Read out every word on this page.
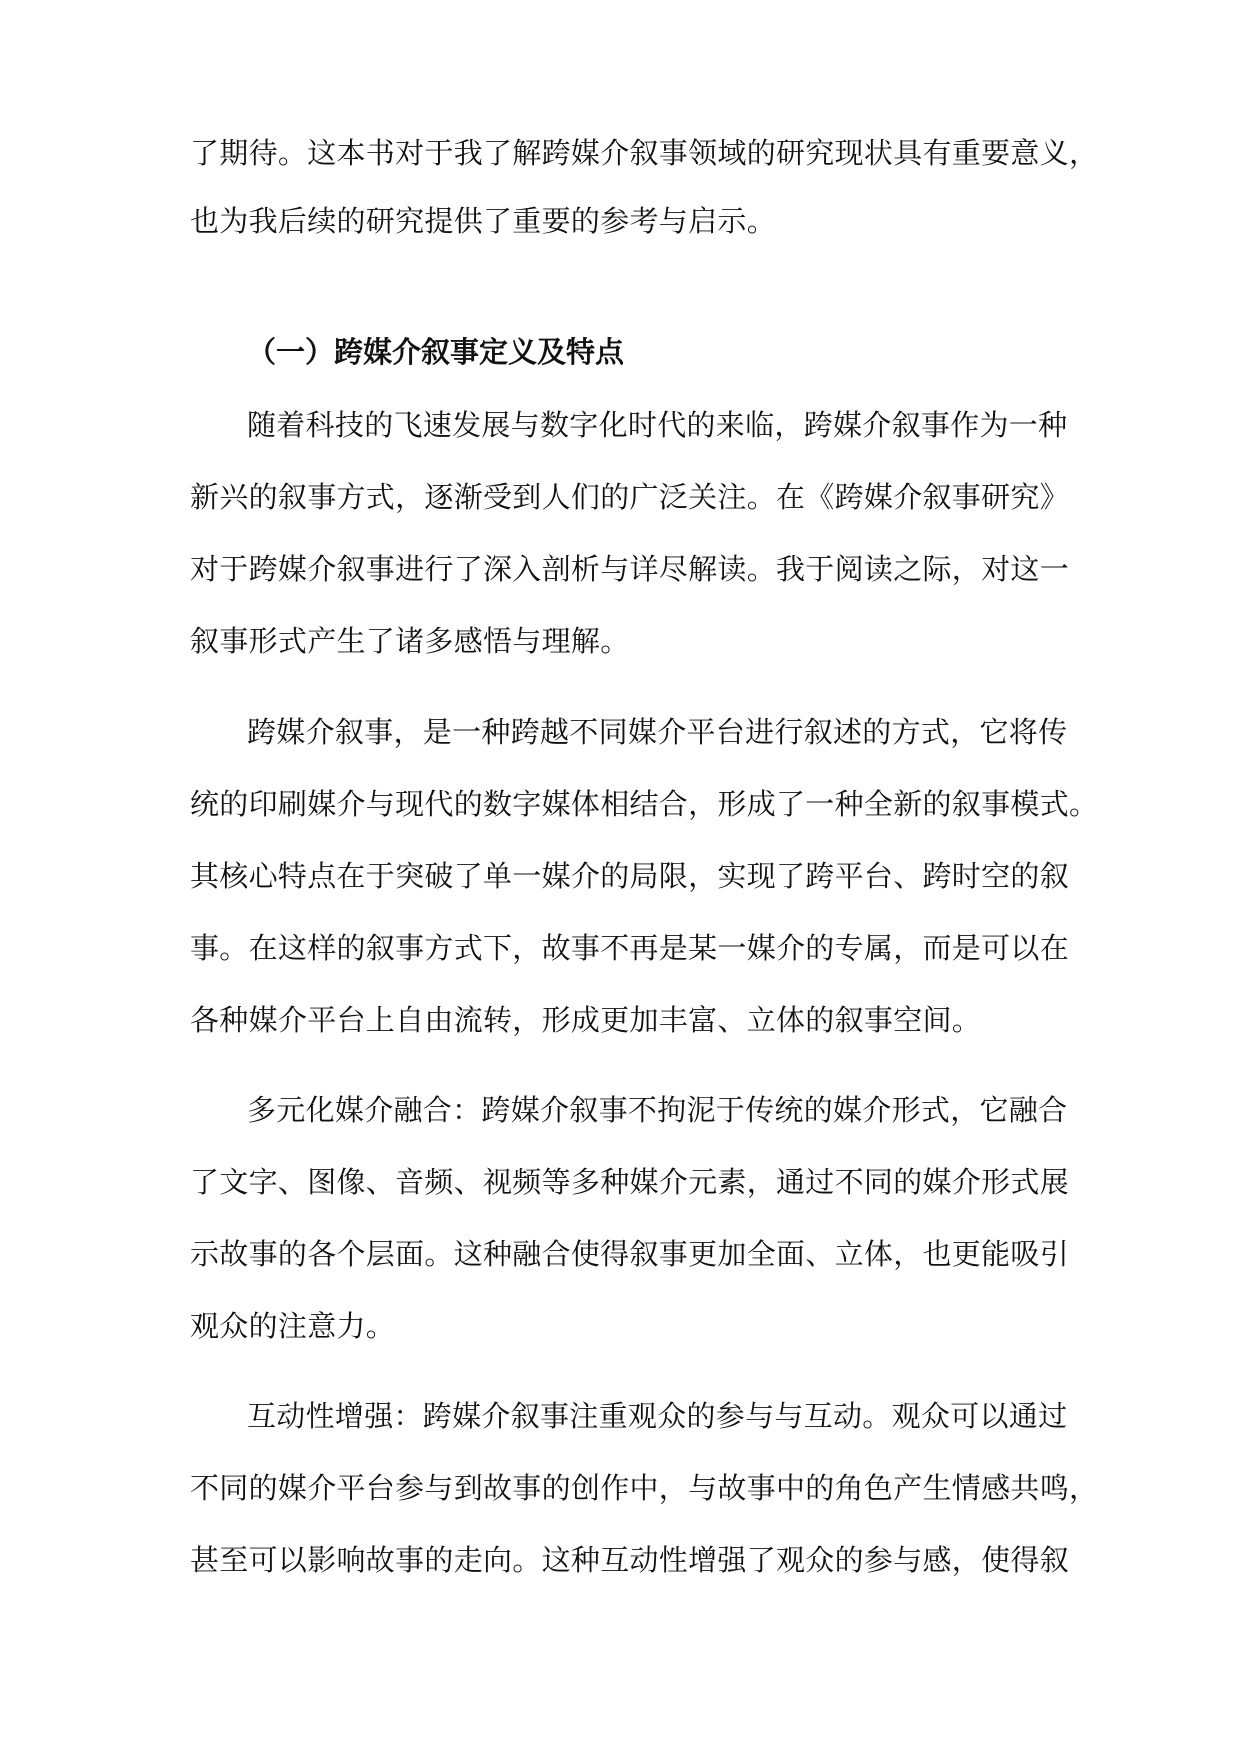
了期待。这本书对于我了解跨媒介叙事领域的研究现状具有重要意义，
也为我后续的研究提供了重要的参考与启示。
（一）跨媒介叙事定义及特点
随着科技的飞速发展与数字化时代的来临，跨媒介叙事作为一种
新兴的叙事方式，逐渐受到人们的广泛关注。在《跨媒介叙事研究》
对于跨媒介叙事进行了深入剖析与详尽解读。我于阅读之际，对这一
叙事形式产生了诸多感悟与理解。
跨媒介叙事，是一种跨越不同媒介平台进行叙述的方式，它将传
统的印刷媒介与现代的数字媒体相结合，形成了一种全新的叙事模式。
其核心特点在于突破了单一媒介的局限，实现了跨平台、跨时空的叙
事。在这样的叙事方式下，故事不再是某一媒介的专属，而是可以在
各种媒介平台上自由流转，形成更加丰富、立体的叙事空间。
多元化媒介融合：跨媒介叙事不拘泥于传统的媒介形式，它融合
了文字、图像、音频、视频等多种媒介元素，通过不同的媒介形式展
示故事的各个层面。这种融合使得叙事更加全面、立体，也更能吸引
观众的注意力。
互动性增强：跨媒介叙事注重观众的参与与互动。观众可以通过
不同的媒介平台参与到故事的创作中，与故事中的角色产生情感共鸣，
甚至可以影响故事的走向。这种互动性增强了观众的参与感，使得叙
